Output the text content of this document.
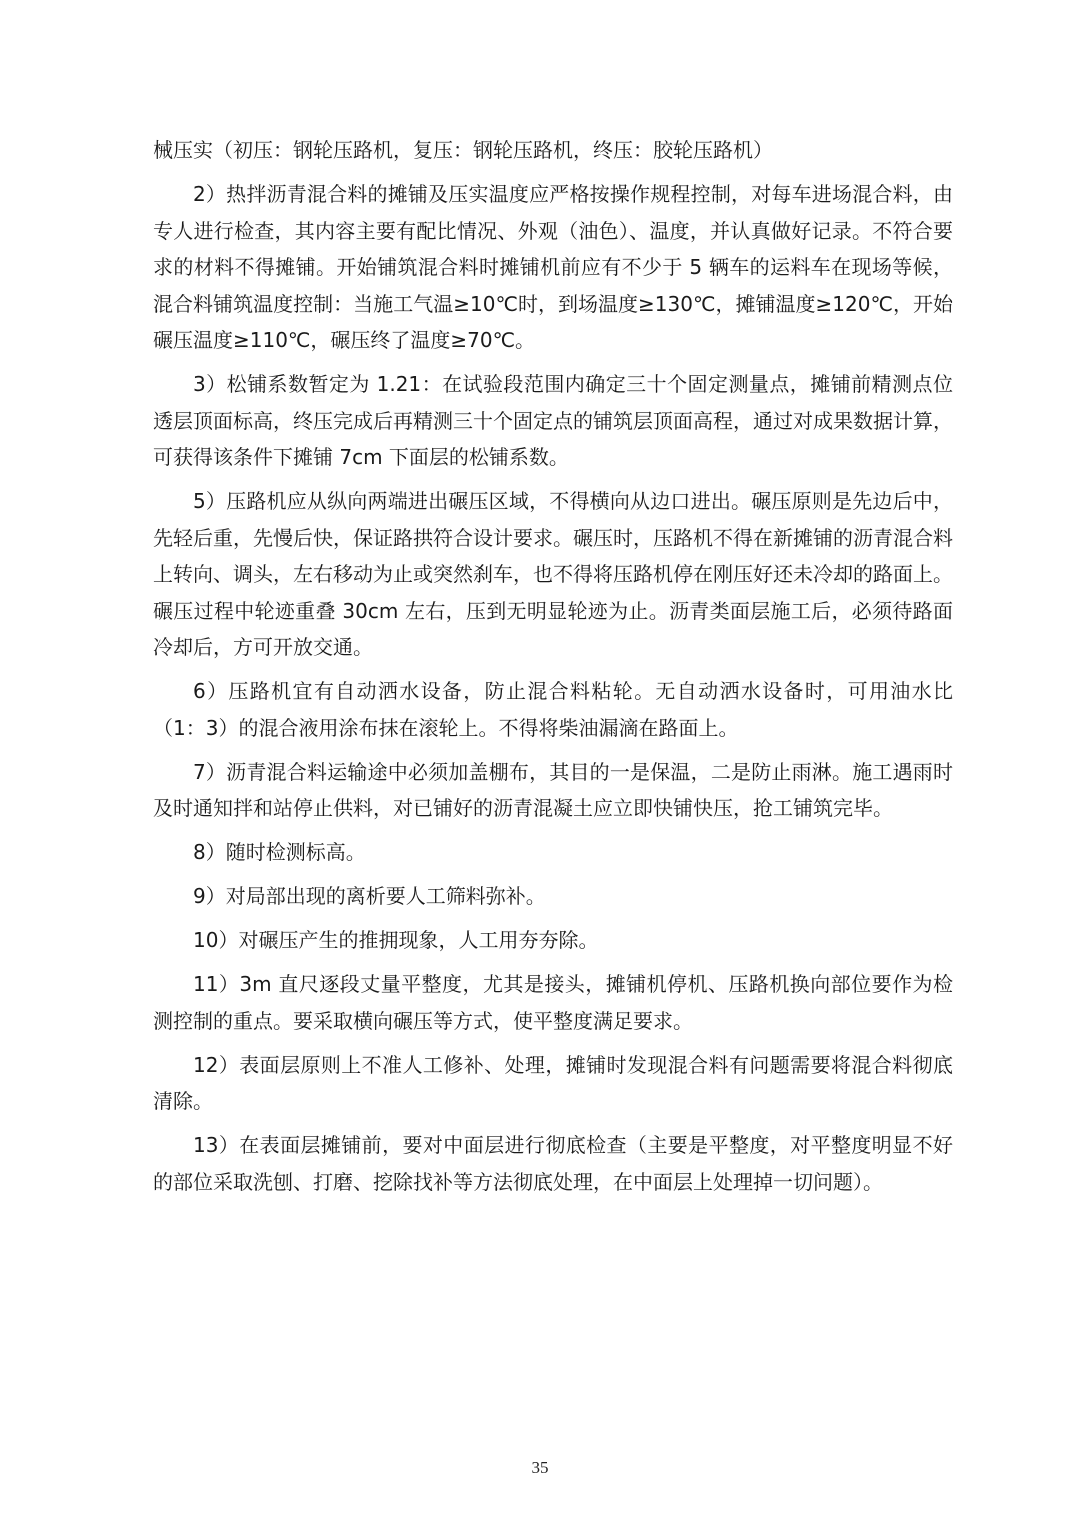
械压实（初压：钢轮压路机，复压：钢轮压路机，终压：胶轮压路机）

2）热拌沥青混合料的摊铺及压实温度应严格按操作规程控制，对每车进场混合料，由专人进行检查，其内容主要有配比情况、外观（油色）、温度，并认真做好记录。不符合要求的材料不得摊铺。开始铺筑混合料时摊铺机前应有不少于 5 辆车的运料车在现场等候，混合料铺筑温度控制：当施工气温≥10℃时，到场温度≥130℃，摊铺温度≥120℃，开始碾压温度≥110℃，碾压终了温度≥70℃。

3）松铺系数暂定为 1.21：在试验段范围内确定三十个固定测量点，摊铺前精测点位透层顶面标高，终压完成后再精测三十个固定点的铺筑层顶面高程，通过对成果数据计算，可获得该条件下摊铺 7cm 下面层的松铺系数。

5）压路机应从纵向两端进出碾压区域，不得横向从边口进出。碾压原则是先边后中，先轻后重，先慢后快，保证路拱符合设计要求。碾压时，压路机不得在新摊铺的沥青混合料上转向、调头，左右移动为止或突然刹车，也不得将压路机停在刚压好还未冷却的路面上。碾压过程中轮迹重叠 30cm 左右，压到无明显轮迹为止。沥青类面层施工后，必须待路面冷却后，方可开放交通。

6）压路机宜有自动洒水设备，防止混合料粘轮。无自动洒水设备时，可用油水比（1：3）的混合液用涂布抹在滚轮上。不得将柴油漏滴在路面上。

7）沥青混合料运输途中必须加盖棚布，其目的一是保温，二是防止雨淋。施工遇雨时及时通知拌和站停止供料，对已铺好的沥青混凝土应立即快铺快压，抢工铺筑完毕。

8）随时检测标高。

9）对局部出现的离析要人工筛料弥补。

10）对碾压产生的推拥现象，人工用夯夯除。

11）3m 直尺逐段丈量平整度，尤其是接头，摊铺机停机、压路机换向部位要作为检测控制的重点。要采取横向碾压等方式，使平整度满足要求。

12）表面层原则上不准人工修补、处理，摊铺时发现混合料有问题需要将混合料彻底清除。

13）在表面层摊铺前，要对中面层进行彻底检查（主要是平整度，对平整度明显不好的部位采取洗刨、打磨、挖除找补等方法彻底处理，在中面层上处理掉一切问题）。

35
